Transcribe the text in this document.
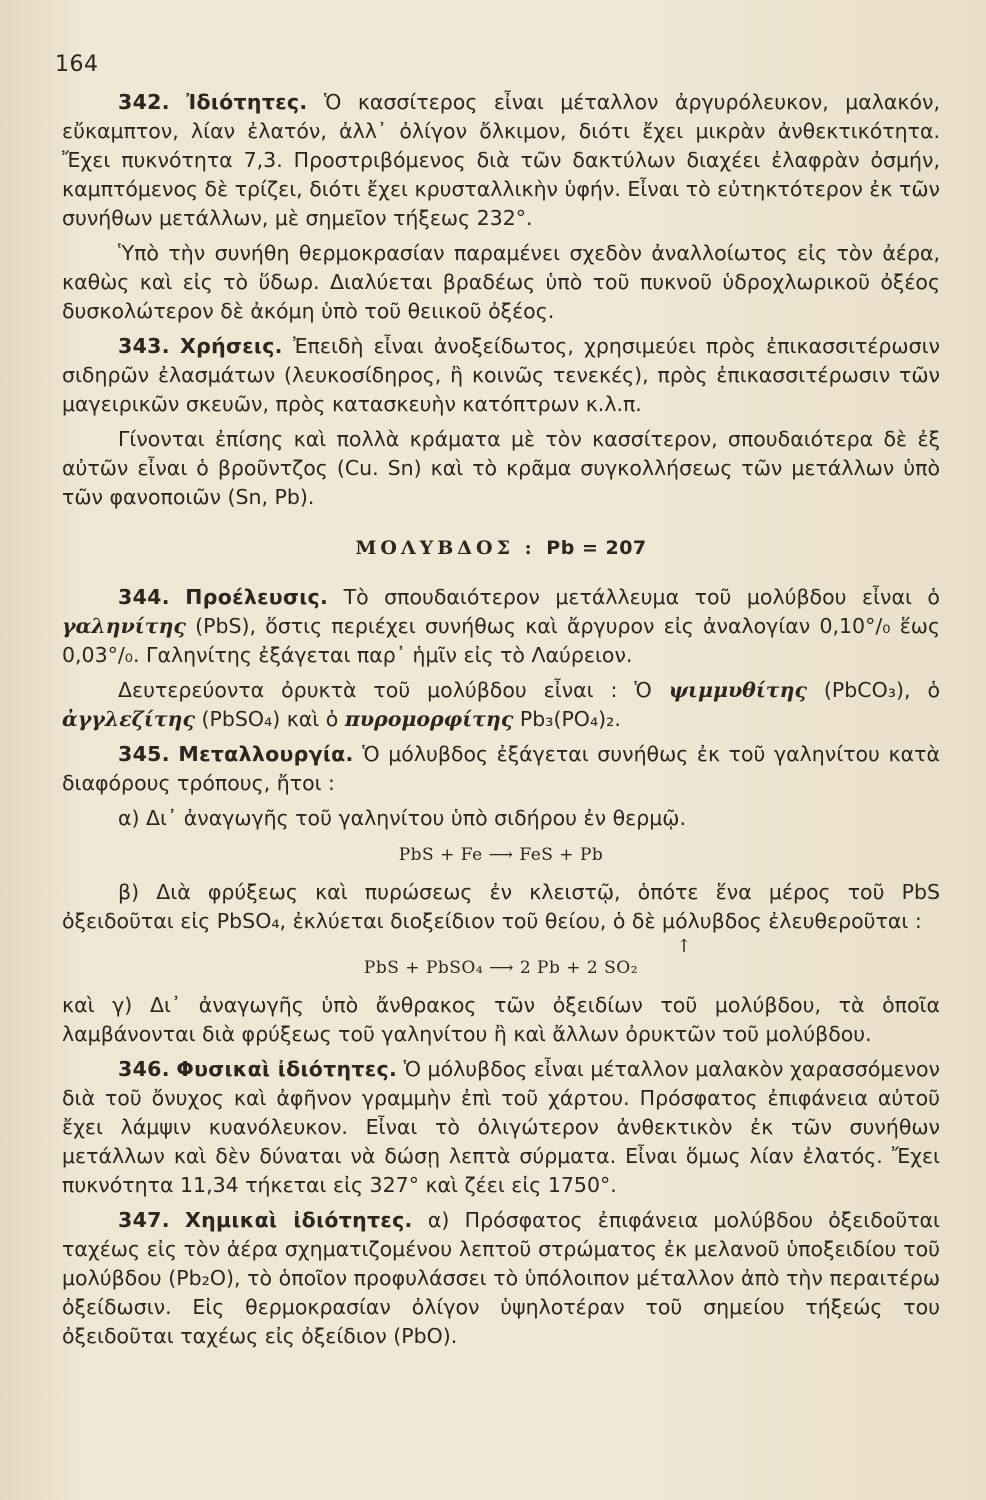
164

342. Ἰδιότητες. Ὁ κασσίτερος εἶναι μέταλλον ἀργυρόλευκον, μαλακόν, εὔκαμπτον, λίαν ἐλατόν, ἀλλ᾽ ὀλίγον ὄλκιμον, διότι ἔχει μικρὰν ἀνθεκτικότητα. Ἔχει πυκνότητα 7,3. Προστριβόμενος διὰ τῶν δακτύλων διαχέει ἐλαφρὰν ὀσμήν, καμπτόμενος δὲ τρίζει, διότι ἔχει κρυσταλλικὴν ὑφήν. Εἶναι τὸ εὐτηκτότερον ἐκ τῶν συνήθων μετάλλων, μὲ σημεῖον τήξεως 232°.

Ὑπὸ τὴν συνήθη θερμοκρασίαν παραμένει σχεδὸν ἀναλλοίωτος εἰς τὸν ἀέρα, καθὼς καὶ εἰς τὸ ὕδωρ. Διαλύεται βραδέως ὑπὸ τοῦ πυκνοῦ ὑδροχλωρικοῦ ὀξέος δυσκολώτερον δὲ ἀκόμη ὑπὸ τοῦ θειικοῦ ὀξέος.

343. Χρήσεις. Ἐπειδὴ εἶναι ἀνοξείδωτος, χρησιμεύει πρὸς ἐπικασσιτέρωσιν σιδηρῶν ἐλασμάτων (λευκοσίδηρος, ἢ κοινῶς τενεκές), πρὸς ἐπικασσιτέρωσιν τῶν μαγειρικῶν σκευῶν, πρὸς κατασκευὴν κατόπτρων κ.λ.π.

Γίνονται ἐπίσης καὶ πολλὰ κράματα μὲ τὸν κασσίτερον, σπουδαιότερα δὲ ἐξ αὐτῶν εἶναι ὁ βροῦντζος (Cu. Sn) καὶ τὸ κρᾶμα συγκολλήσεως τῶν μετάλλων ὑπὸ τῶν φανοποιῶν (Sn, Pb).

ΜΟΛΥΒΔΟΣ : Pb = 207

344. Προέλευσις. Τὸ σπουδαιότερον μετάλλευμα τοῦ μολύβδου εἶναι ὁ γαληνίτης (PbS), ὅστις περιέχει συνήθως καὶ ἄργυρον εἰς ἀναλογίαν 0,10°/₀ ἕως 0,03°/₀. Γαληνίτης ἐξάγεται παρ᾽ ἡμῖν εἰς τὸ Λαύρειον.

Δευτερεύοντα ὀρυκτὰ τοῦ μολύβδου εἶναι : Ὁ ψιμμυθίτης (PbCO₃), ὁ ἀγγλεζίτης (PbSO₄) καὶ ὁ πυρομορφίτης Pb₃(PO₄)₂.

345. Μεταλλουργία. Ὁ μόλυβδος ἐξάγεται συνήθως ἐκ τοῦ γαληνίτου κατὰ διαφόρους τρόπους, ἤτοι :

α) Δι᾽ ἀναγωγῆς τοῦ γαληνίτου ὑπὸ σιδήρου ἐν θερμῷ.

PbS + Fe ⟶ FeS + Pb

β) Διὰ φρύξεως καὶ πυρώσεως ἐν κλειστῷ, ὁπότε ἕνα μέρος τοῦ PbS ὀξειδοῦται εἰς PbSO₄, ἐκλύεται διοξείδιον τοῦ θείου, ὁ δὲ μόλυβδος ἐλευθεροῦται :

↑
PbS + PbSO₄ ⟶ 2 Pb + 2 SO₂

καὶ γ) Δι᾽ ἀναγωγῆς ὑπὸ ἄνθρακος τῶν ὀξειδίων τοῦ μολύβδου, τὰ ὁποῖα λαμβάνονται διὰ φρύξεως τοῦ γαληνίτου ἢ καὶ ἄλλων ὀρυκτῶν τοῦ μολύβδου.

346. Φυσικαὶ ἰδιότητες. Ὁ μόλυβδος εἶναι μέταλλον μαλακὸν χαρασσόμενον διὰ τοῦ ὄνυχος καὶ ἀφῆνον γραμμὴν ἐπὶ τοῦ χάρτου. Πρόσφατος ἐπιφάνεια αὐτοῦ ἔχει λάμψιν κυανόλευκον. Εἶναι τὸ ὀλιγώτερον ἀνθεκτικὸν ἐκ τῶν συνήθων μετάλλων καὶ δὲν δύναται νὰ δώσῃ λεπτὰ σύρματα. Εἶναι ὅμως λίαν ἐλατός. Ἔχει πυκνότητα 11,34 τήκεται εἰς 327° καὶ ζέει εἰς 1750°.

347. Χημικαὶ ἰδιότητες. α) Πρόσφατος ἐπιφάνεια μολύβδου ὀξειδοῦται ταχέως εἰς τὸν ἀέρα σχηματιζομένου λεπτοῦ στρώματος ἐκ μελανοῦ ὑποξειδίου τοῦ μολύβδου (Pb₂O), τὸ ὁποῖον προφυλάσσει τὸ ὑπόλοιπον μέταλλον ἀπὸ τὴν περαιτέρω ὀξείδωσιν. Εἰς θερμοκρασίαν ὀλίγον ὑψηλοτέραν τοῦ σημείου τήξεώς του ὀξειδοῦται ταχέως εἰς ὀξείδιον (PbO).
